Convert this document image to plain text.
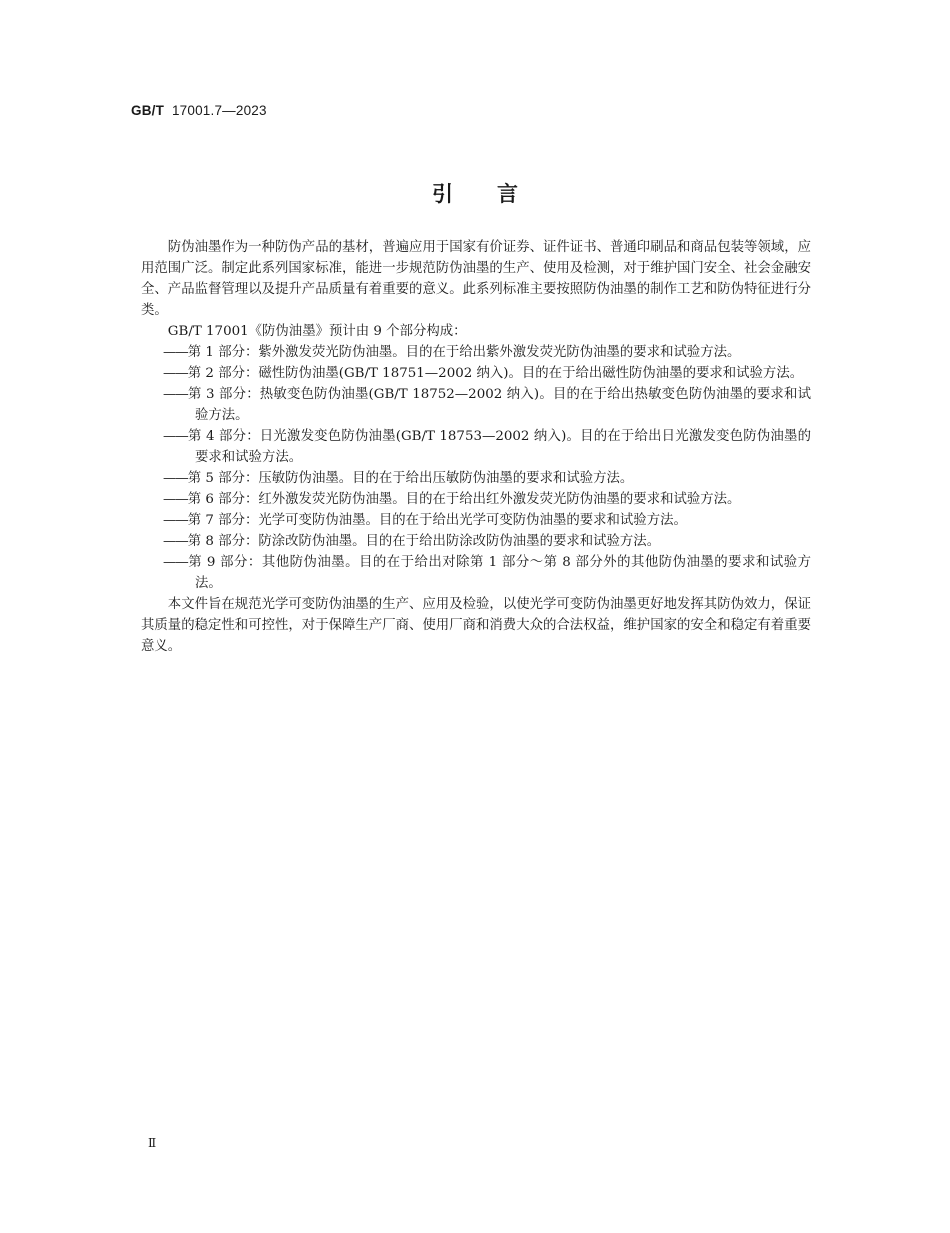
GB/T 17001.7—2023
引 言

防伪油墨作为一种防伪产品的基材，普遍应用于国家有价证券、证件证书、普通印刷品和商品包装等领域，应用范围广泛。制定此系列国家标准，能进一步规范防伪油墨的生产、使用及检测，对于维护国门安全、社会金融安全、产品监督管理以及提升产品质量有着重要的意义。此系列标准主要按照防伪油墨的制作工艺和防伪特征进行分类。

GB/T 17001《防伪油墨》预计由 9 个部分构成：

——第 1 部分：紫外激发荧光防伪油墨。目的在于给出紫外激发荧光防伪油墨的要求和试验方法。

——第 2 部分：磁性防伪油墨(GB/T 18751—2002 纳入)。目的在于给出磁性防伪油墨的要求和试验方法。

——第 3 部分：热敏变色防伪油墨(GB/T 18752—2002 纳入)。目的在于给出热敏变色防伪油墨的要求和试验方法。

——第 4 部分：日光激发变色防伪油墨(GB/T 18753—2002 纳入)。目的在于给出日光激发变色防伪油墨的要求和试验方法。

——第 5 部分：压敏防伪油墨。目的在于给出压敏防伪油墨的要求和试验方法。

——第 6 部分：红外激发荧光防伪油墨。目的在于给出红外激发荧光防伪油墨的要求和试验方法。

——第 7 部分：光学可变防伪油墨。目的在于给出光学可变防伪油墨的要求和试验方法。

——第 8 部分：防涂改防伪油墨。目的在于给出防涂改防伪油墨的要求和试验方法。

——第 9 部分：其他防伪油墨。目的在于给出对除第 1 部分～第 8 部分外的其他防伪油墨的要求和试验方法。

本文件旨在规范光学可变防伪油墨的生产、应用及检验，以使光学可变防伪油墨更好地发挥其防伪效力，保证其质量的稳定性和可控性，对于保障生产厂商、使用厂商和消费大众的合法权益，维护国家的安全和稳定有着重要意义。

Ⅱ
